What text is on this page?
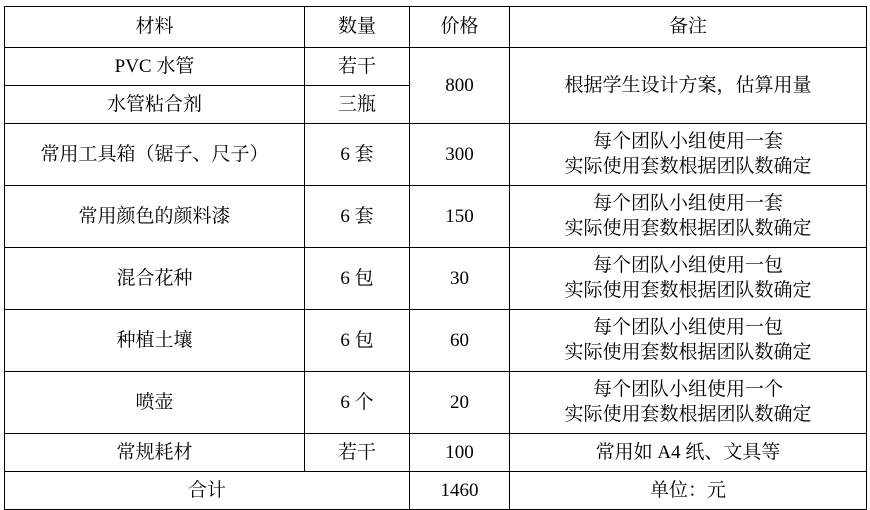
材料	数量	价格	备注
PVC 水管	若干	800	根据学生设计方案，估算用量
水管粘合剂	三瓶		
常用工具箱（锯子、尺子）	6 套	300	每个团队小组使用一套
实际使用套数根据团队数确定

常用颜色的颜料漆	6 套	150	每个团队小组使用一套
实际使用套数根据团队数确定

混合花种	6 包	30	每个团队小组使用一包
实际使用套数根据团队数确定

种植土壤	6 包	60	每个团队小组使用一包
实际使用套数根据团队数确定

喷壶	6 个	20	每个团队小组使用一个
实际使用套数根据团队数确定

常规耗材	若干	100	常用如 A4 纸、文具等
合计		1460	单位：元
